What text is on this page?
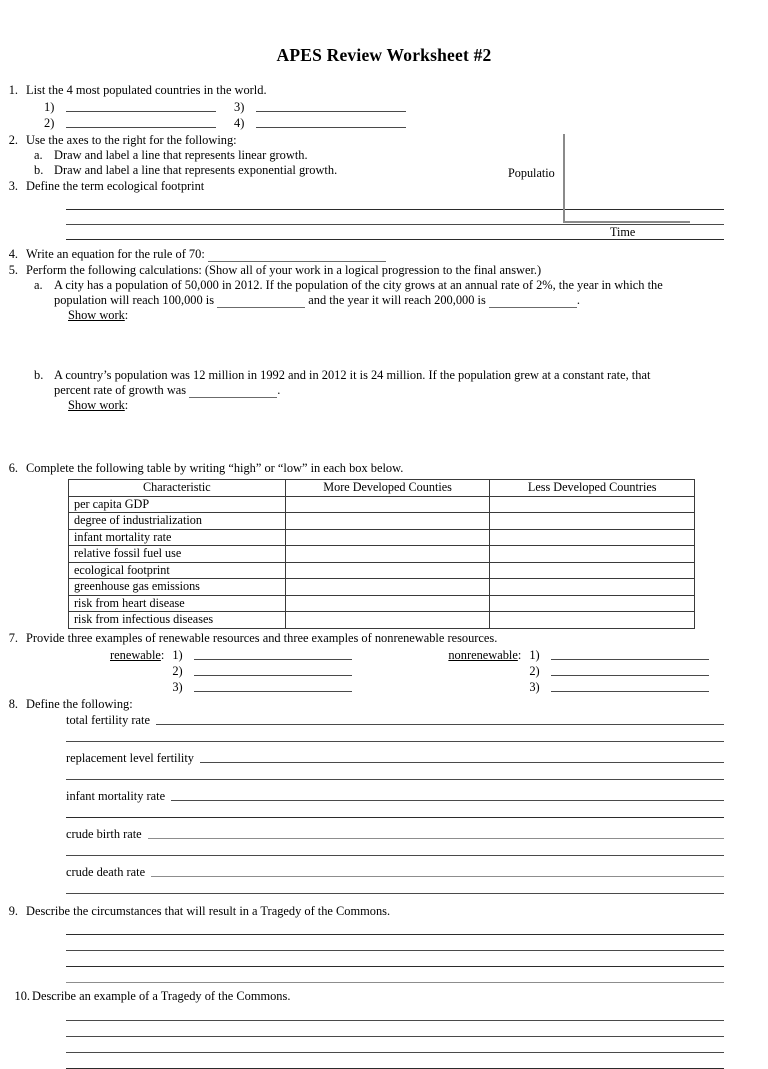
APES Review Worksheet #2
Populatio
Time
1. List the 4 most populated countries in the world.
1)	3)
2)	4)
2. Use the axes to the right for the following:
a. Draw and label a line that represents linear growth.
b. Draw and label a line that represents exponential growth.
3. Define the term ecological footprint
4. Write an equation for the rule of 70:
5. Perform the following calculations: (Show all of your work in a logical progression to the final answer.)
a. A city has a population of 50,000 in 2012. If the population of the city grows at an annual rate of 2%, the year in which the
population will reach 100,000 is	and the year it will reach 200,000 is	.
Show work:
b. A country’s population was 12 million in 1992 and in 2012 it is 24 million. If the population grew at a constant rate, that
percent rate of growth was	.
Show work:
6. Complete the following table by writing “high” or “low” in each box below.
Characteristic	More Developed Counties	Less Developed Countries
per capita GDP		
degree of industrialization		
infant mortality rate		
relative fossil fuel use		
ecological footprint		
greenhouse gas emissions		
risk from heart disease		
risk from infectious diseases		
7. Provide three examples of renewable resources and three examples of nonrenewable resources.
renewable: 1)
2)
3)
nonrenewable: 1)
2)
3)
8. Define the following:
total fertility rate
replacement level fertility
infant mortality rate
crude birth rate
crude death rate
9. Describe the circumstances that will result in a Tragedy of the Commons.
10. Describe an example of a Tragedy of the Commons.
